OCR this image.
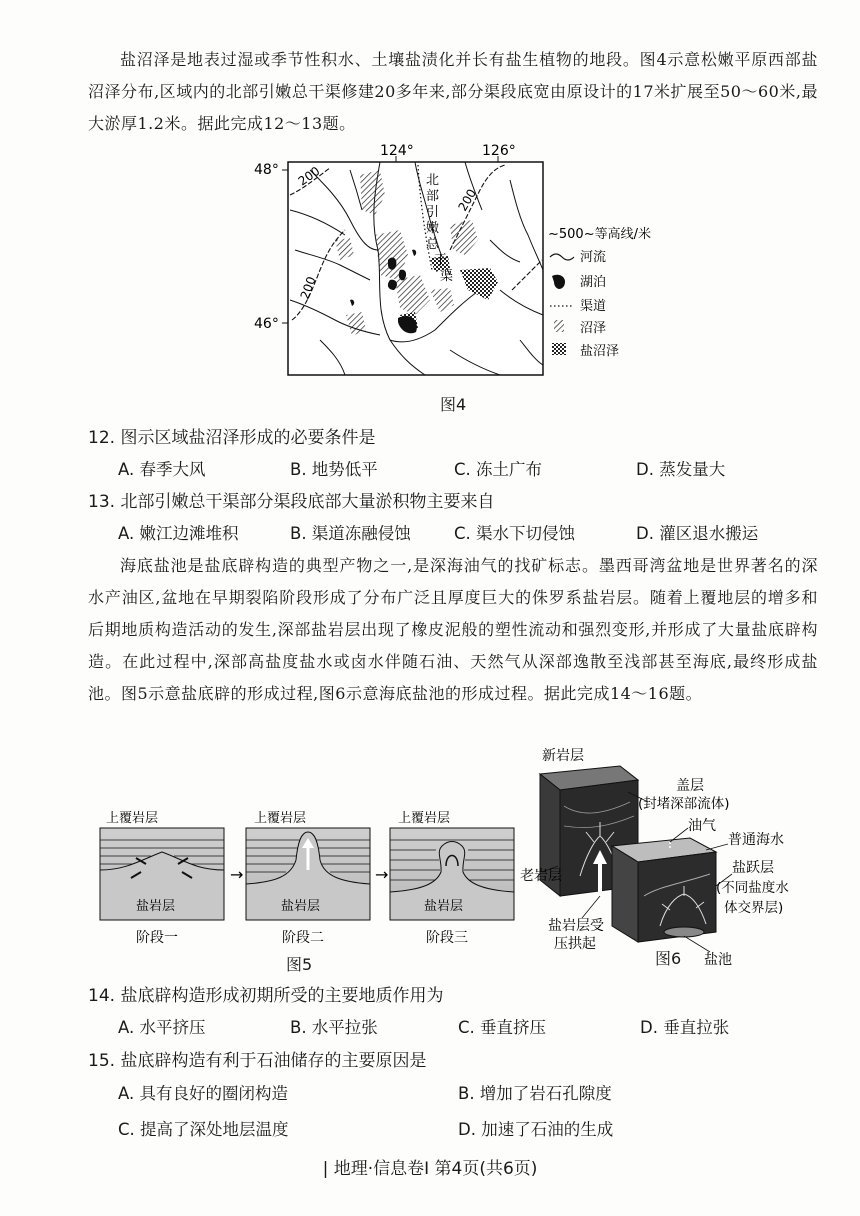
盐沼泽是地表过湿或季节性积水、土壤盐渍化并长有盐生植物的地段。图4示意松嫩平原西部盐沼泽分布,区域内的北部引嫩总干渠修建20多年来,部分渠段底宽由原设计的17米扩展至50～60米,最大淤厚1.2米。据此完成12～13题。

124°	126°
48°
46°
200
200
200
北
部
引
嫩
总
干
渠
~500~等高线/米
河流
湖泊
渠道
沼泽
盐沼泽
图4
12. 图示区域盐沼泽形成的必要条件是
A. 春季大风	B. 地势低平	C. 冻土广布	D. 蒸发量大
13. 北部引嫩总干渠部分渠段底部大量淤积物主要来自
A. 嫩江边滩堆积	B. 渠道冻融侵蚀	C. 渠水下切侵蚀	D. 灌区退水搬运

海底盐池是盐底辟构造的典型产物之一,是深海油气的找矿标志。墨西哥湾盆地是世界著名的深水产油区,盆地在早期裂陷阶段形成了分布广泛且厚度巨大的侏罗系盐岩层。随着上覆地层的增多和后期地质构造活动的发生,深部盐岩层出现了橡皮泥般的塑性流动和强烈变形,并形成了大量盐底辟构造。在此过程中,深部高盐度盐水或卤水伴随石油、天然气从深部逸散至浅部甚至海底,最终形成盐池。图5示意盐底辟的形成过程,图6示意海底盐池的形成过程。据此完成14～16题。

盐岩层
上覆岩层
阶段一
→
盐岩层
上覆岩层
阶段二
→
盐岩层
上覆岩层
阶段三
图5
新岩层
盖层
(封堵深部流体)
油气
普通海水
盐跃层
(不同盐度水
体交界层)
老岩层
盐岩层受
压拱起
盐池
图6
14. 盐底辟构造形成初期所受的主要地质作用为
A. 水平挤压	B. 水平拉张	C. 垂直挤压	D. 垂直拉张
15. 盐底辟构造有利于石油储存的主要原因是
A. 具有良好的圈闭构造	B. 增加了岩石孔隙度
C. 提高了深处地层温度	D. 加速了石油的生成
| 地理·信息卷Ⅰ 第4页(共6页)
